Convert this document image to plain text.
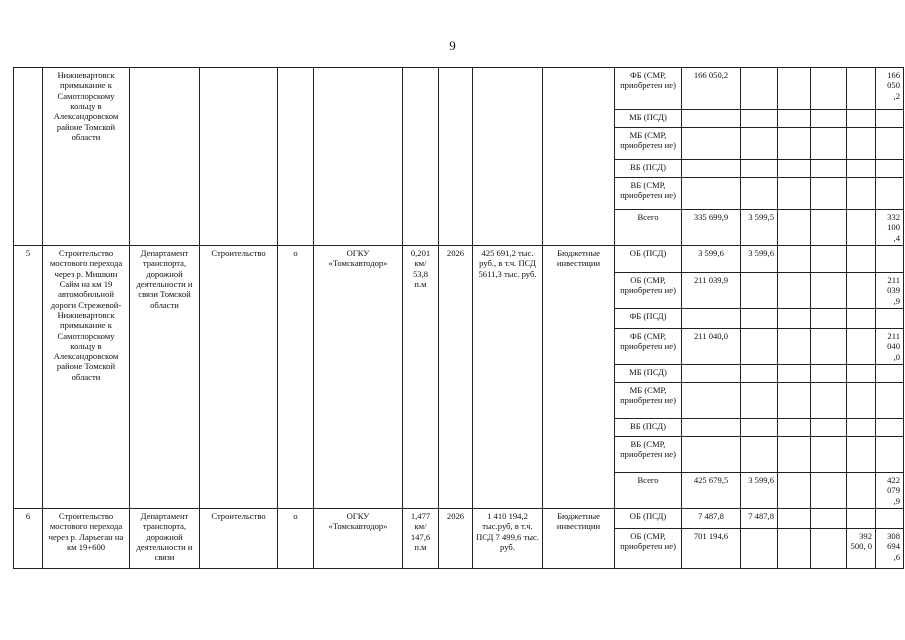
9
	Нижневартовск примыкание к Самотлорскому кольцу в Александровском районе Томской области									ФБ (СМР, приобретен ие)	166 050,2					166 050 ,2
										МБ (ПСД)						
										МБ (СМР, приобретен ие)						
										ВБ (ПСД)						
										ВБ (СМР, приобретен ие)						
										Всего	335 699,9	3 599,5				332 100 ,4
5	Строительство мостового перехода через р. Мишкин Сайм на км 19 автомобильной дороги Стрежевой-Нижневартовск примыкание к Самотлорскому кольцу в Александровском районе Томской области	Департамент транспорта, дорожной деятельности и связи Томской области	Строительство	о	ОГКУ «Томскавтодор»	0,201 км/ 53,8 п.м	2026	425 691,2 тыс. руб., в т.ч. ПСД 5611,3 тыс. руб.	Бюджетные инвестиции	ОБ (ПСД)	3 599,6	3 599,6				
										ОБ (СМР, приобретен ие)	211 039,9					211 039 ,9
										ФБ (ПСД)						
										ФБ (СМР, приобретен ие)	211 040,0					211 040 ,0
										МБ (ПСД)						
										МБ (СМР, приобретен ие)						
										ВБ (ПСД)						
										ВБ (СМР, приобретен ие)						
										Всего	425 679,5	3 599,6				422 079 ,9
6	Строительство мостового перехода через р. Ларьеган на км 19+600	Департамент транспорта, дорожной деятельности и связи	Строительство	о	ОГКУ «Томскавтодор»	1,477 км/ 147,6 п.м	2026	1 410 194,2 тыс.руб, в т.ч. ПСД 7 499,6 тыс. руб.	Бюджетные инвестиции	ОБ (ПСД)	7 487,8	7 487,8				
										ОБ (СМР, приобретен ие)	701 194,6				392 500, 0	308 694 ,6
